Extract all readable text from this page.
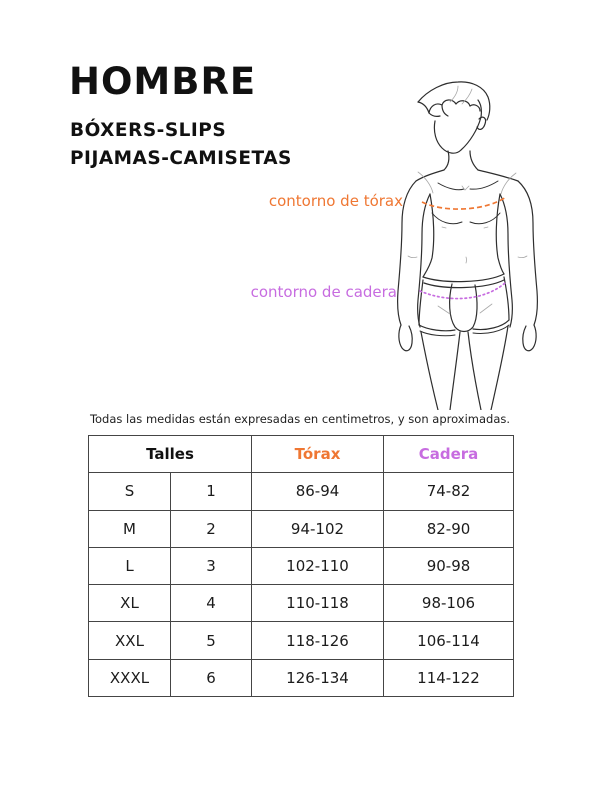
HOMBRE
BÓXERS-SLIPS
PIJAMAS-CAMISETAS
contorno de tórax
contorno de cadera
Todas las medidas están expresadas en centimetros, y son aproximadas.
Talles		Tórax	Cadera
S	1	86-94	74-82
M	2	94-102	82-90
L	3	102-110	90-98
XL	4	110-118	98-106
XXL	5	118-126	106-114
XXXL	6	126-134	114-122
